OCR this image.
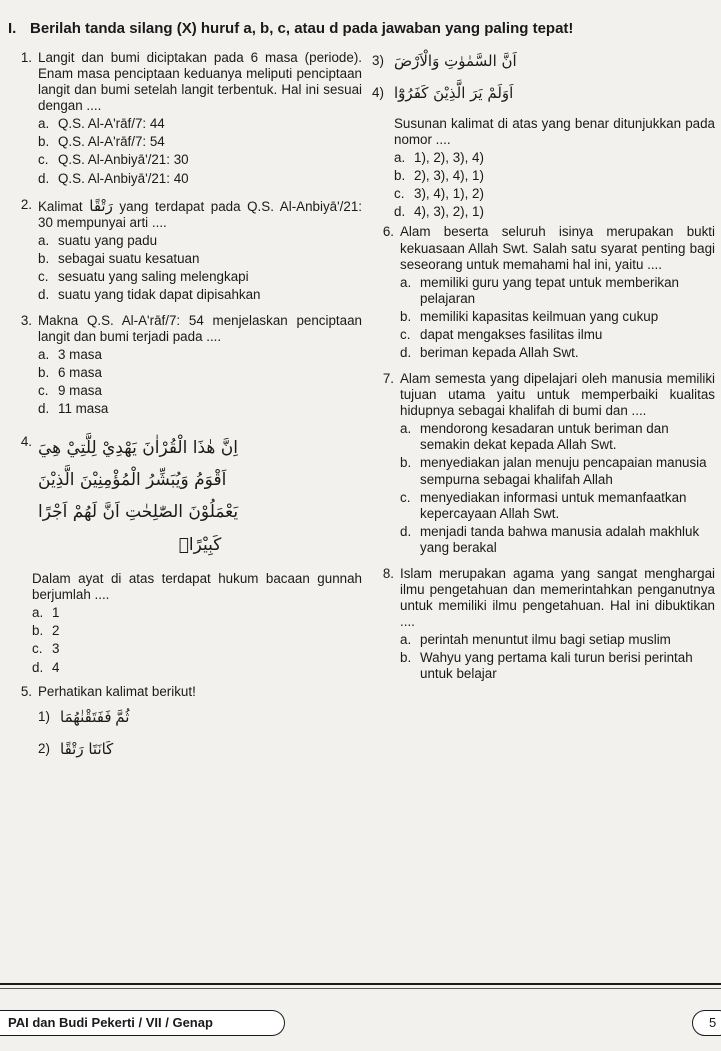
I. Berilah tanda silang (X) huruf a, b, c, atau d pada jawaban yang paling tepat!
1. Langit dan bumi diciptakan pada 6 masa (periode). Enam masa penciptaan keduanya meliputi penciptaan langit dan bumi setelah langit terbentuk. Hal ini sesuai dengan ....
a. Q.S. Al-A'rāf/7: 44
b. Q.S. Al-A'rāf/7: 54
c. Q.S. Al-Anbiyā'/21: 30
d. Q.S. Al-Anbiyā'/21: 40
2. Kalimat رَتْقًا yang terdapat pada Q.S. Al-Anbiyā'/21: 30 mempunyai arti ....
a. suatu yang padu
b. sebagai suatu kesatuan
c. sesuatu yang saling melengkapi
d. suatu yang tidak dapat dipisahkan
3. Makna Q.S. Al-A'rāf/7: 54 menjelaskan penciptaan langit dan bumi terjadi pada ....
a. 3 masa
b. 6 masa
c. 9 masa
d. 11 masa
4. اِنَّ هٰذَا الْقُرْاٰنَ يَهْدِيْ لِلَّتِيْ هِيَ
اَقْوَمُ وَيُبَشِّرُ الْمُؤْمِنِيْنَ الَّذِيْنَ
يَعْمَلُوْنَ الصّٰلِحٰتِ اَنَّ لَهُمْ اَجْرًا
كَبِيْرًاۙ
Dalam ayat di atas terdapat hukum bacaan gunnah berjumlah ....
a. 1
b. 2
c. 3
d. 4
5. Perhatikan kalimat berikut!
1) فَفَتَقْنٰهُمَا
ثُمَّ
2) كَانَتَا رَتْقًا
3) اَنَّ السَّمٰوٰتِ وَالْاَرْضَ
4) اَوَلَمْ يَرَ الَّذِيْنَ كَفَرُوْٓا
Susunan kalimat di atas yang benar ditunjukkan pada nomor ....
a. 1), 2), 3), 4)
b. 2), 3), 4), 1)
c. 3), 4), 1), 2)
d. 4), 3), 2), 1)
6. Alam beserta seluruh isinya merupakan bukti kekuasaan Allah Swt. Salah satu syarat penting bagi seseorang untuk memahami hal ini, yaitu ....
a. memiliki guru yang tepat untuk memberikan pelajaran
b. memiliki kapasitas keilmuan yang cukup
c. dapat mengakses fasilitas ilmu
d. beriman kepada Allah Swt.
7. Alam semesta yang dipelajari oleh manusia memiliki tujuan utama yaitu untuk memperbaiki kualitas hidupnya sebagai khalifah di bumi dan ....
a. mendorong kesadaran untuk beriman dan semakin dekat kepada Allah Swt.
b. menyediakan jalan menuju pencapaian manusia sempurna sebagai khalifah Allah
c. menyediakan informasi untuk memanfaatkan kepercayaan Allah Swt.
d. menjadi tanda bahwa manusia adalah makhluk yang berakal
8. Islam merupakan agama yang sangat menghargai ilmu pengetahuan dan memerintahkan penganutnya untuk memiliki ilmu pengetahuan. Hal ini dibuktikan ....
a. perintah menuntut ilmu bagi setiap muslim
b. Wahyu yang pertama kali turun berisi perintah untuk belajar
PAI dan Budi Pekerti / VII / Genap	5
